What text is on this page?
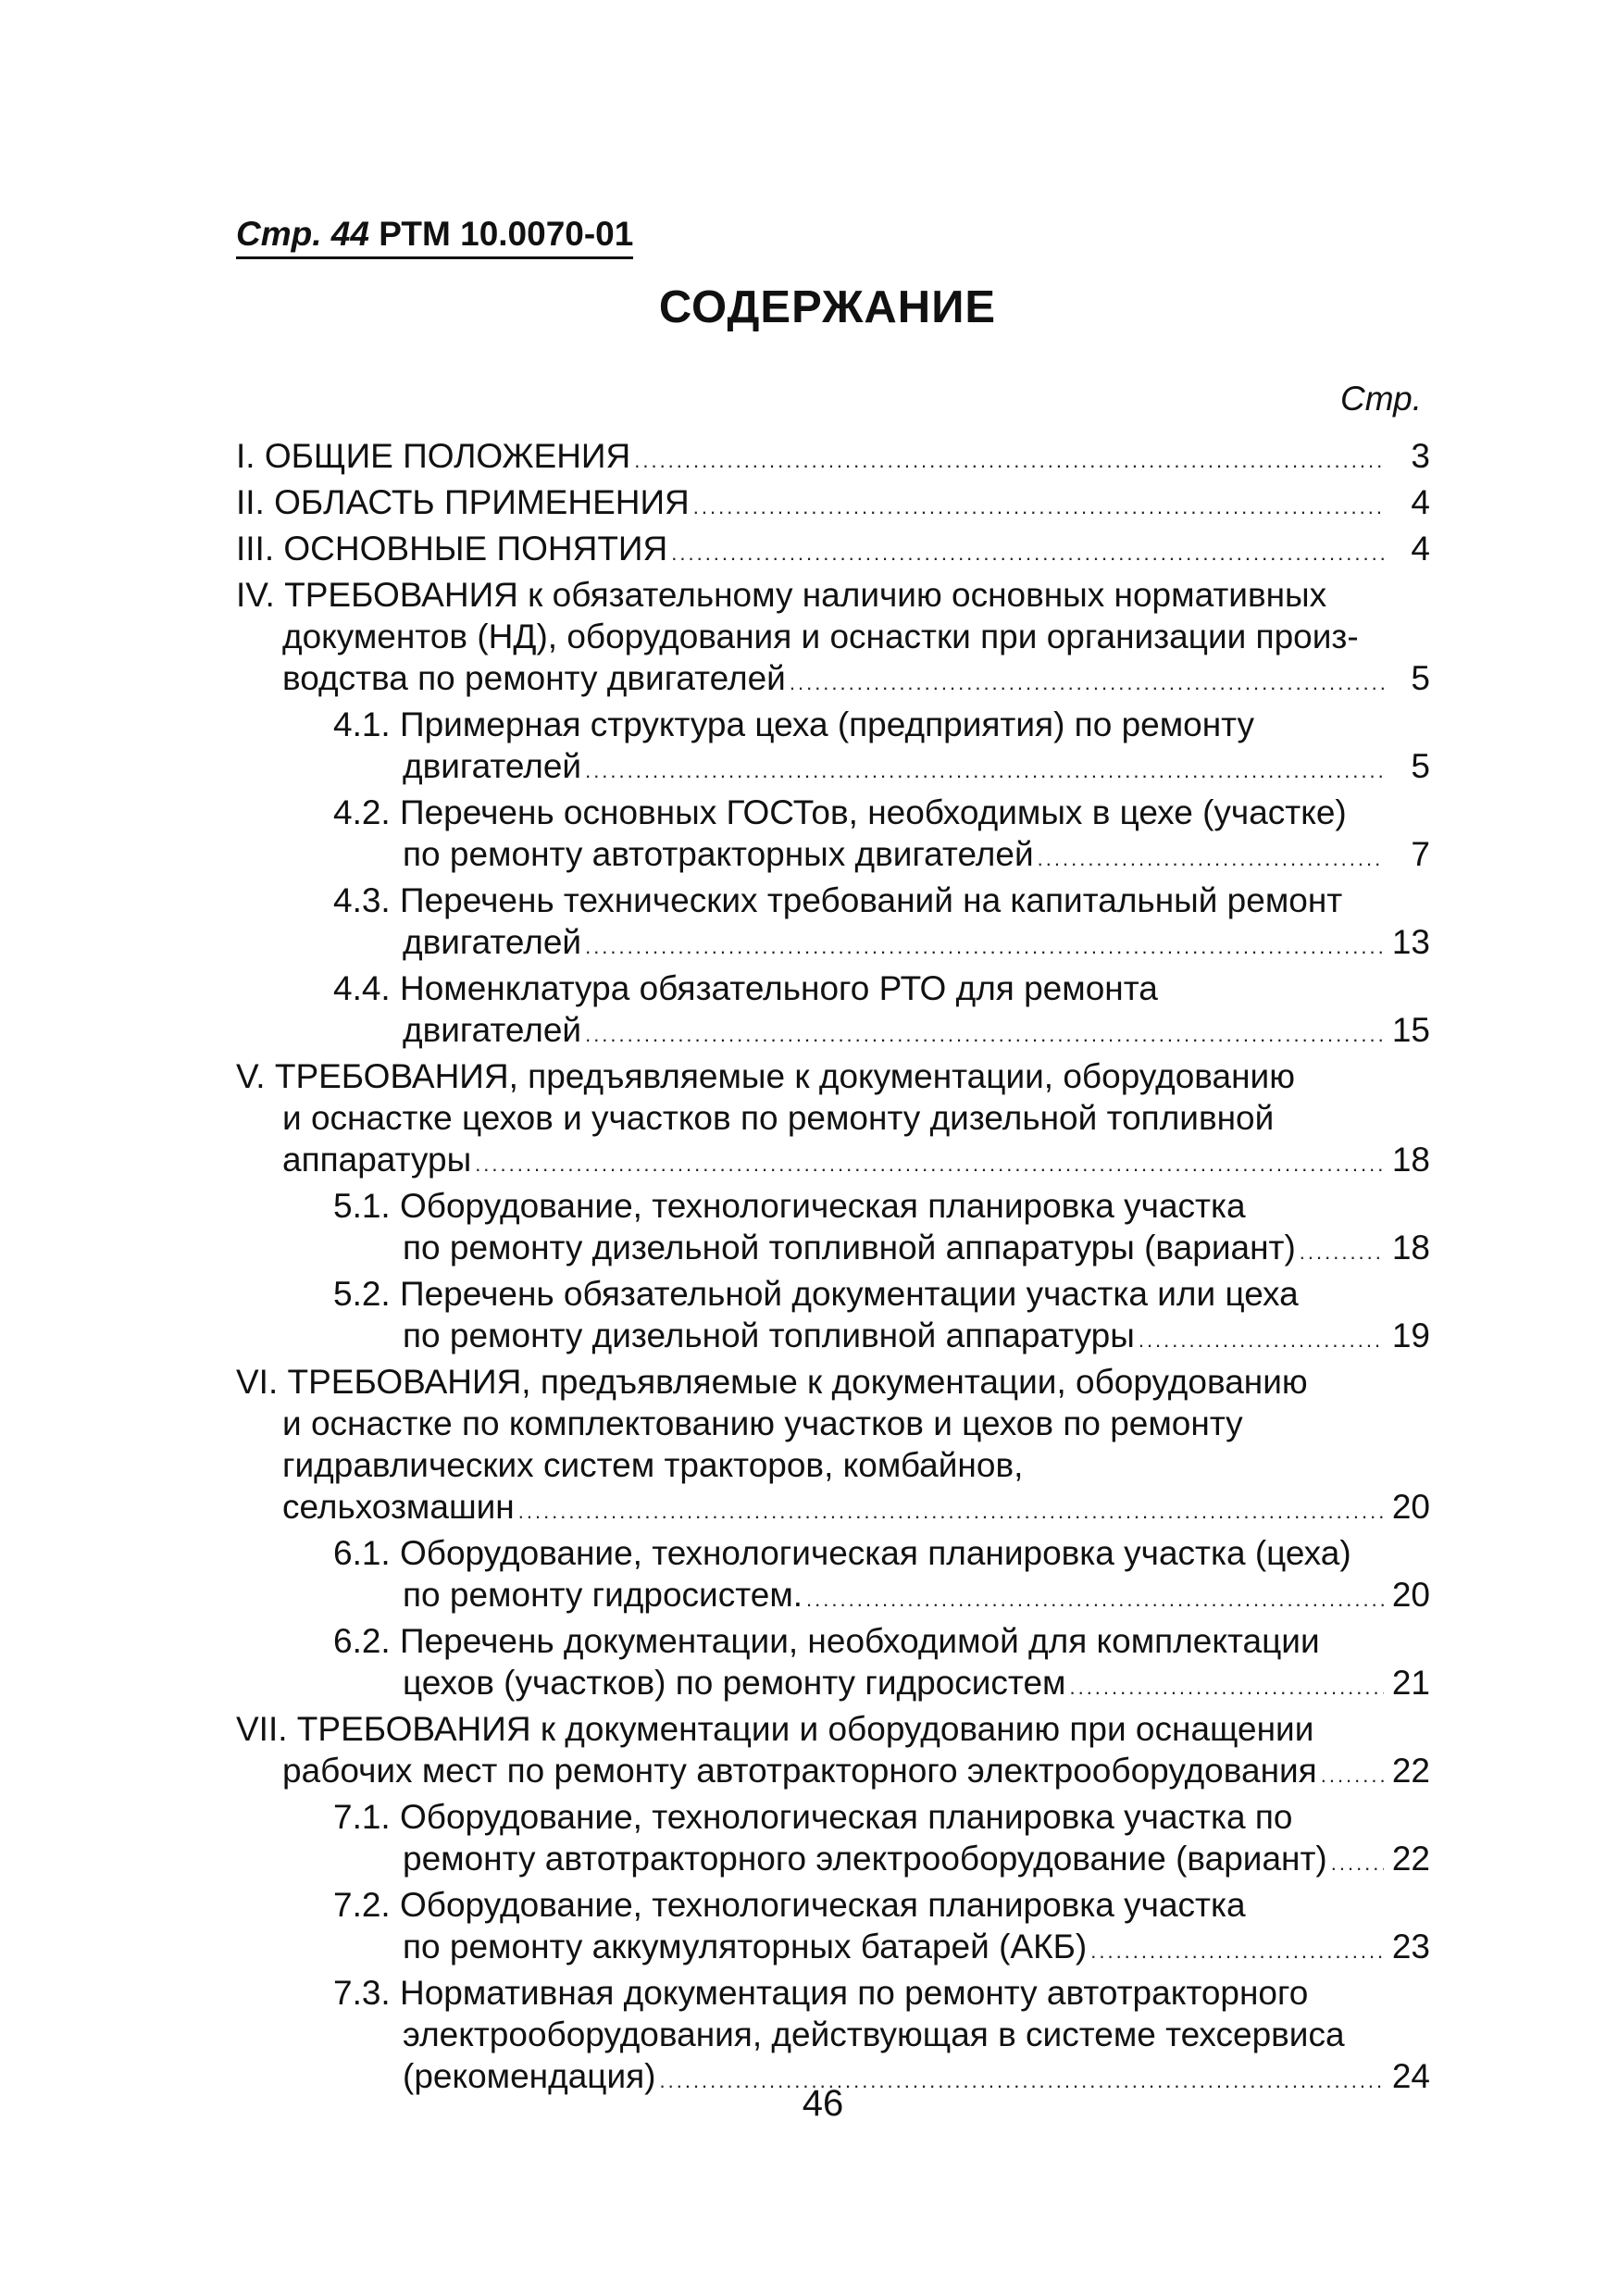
Стр. 44 РТМ 10.0070-01
СОДЕРЖАНИЕ
Стр.
I. ОБЩИЕ ПОЛОЖЕНИЯ .....	3
II. ОБЛАСТЬ ПРИМЕНЕНИЯ .....	4
III. ОСНОВНЫЕ ПОНЯТИЯ .....	4
IV. ТРЕБОВАНИЯ к обязательному наличию основных нормативных
документов (НД), оборудования и оснастки при организации произ-
водства по ремонту двигателей .....	5
4.1. Примерная структура цеха (предприятия) по ремонту
двигателей .....	5
4.2. Перечень основных ГОСТов, необходимых в цехе (участке)
по ремонту автотракторных двигателей .....	7
4.3. Перечень технических требований на капитальный ремонт
двигателей .....	13
4.4. Номенклатура обязательного РТО для ремонта
двигателей .....	15
V. ТРЕБОВАНИЯ, предъявляемые к документации, оборудованию
и оснастке цехов и участков по ремонту дизельной топливной
аппаратуры .....	18
5.1. Оборудование, технологическая планировка участка
по ремонту дизельной топливной аппаратуры (вариант) .....	18
5.2. Перечень обязательной документации участка или цеха
по ремонту дизельной топливной аппаратуры .....	19
VI. ТРЕБОВАНИЯ, предъявляемые к документации, оборудованию
и оснастке по комплектованию участков и цехов по ремонту
гидравлических систем тракторов, комбайнов,
сельхозмашин .....	20
6.1. Оборудование, технологическая планировка участка (цеха)
по ремонту гидросистем. .....	20
6.2. Перечень документации, необходимой для комплектации
цехов (участков) по ремонту гидросистем .....	21
VII. ТРЕБОВАНИЯ к документации и оборудованию при оснащении
рабочих мест по ремонту автотракторного электрооборудования ..... 22
7.1. Оборудование, технологическая планировка участка по
ремонту автотракторного электрооборудование (вариант) ..... 22
7.2. Оборудование, технологическая планировка участка
по ремонту аккумуляторных батарей (АКБ) .....	23
7.3. Нормативная документация по ремонту автотракторного
электрооборудования, действующая в системе техсервиса
(рекомендация) .....	24
46
